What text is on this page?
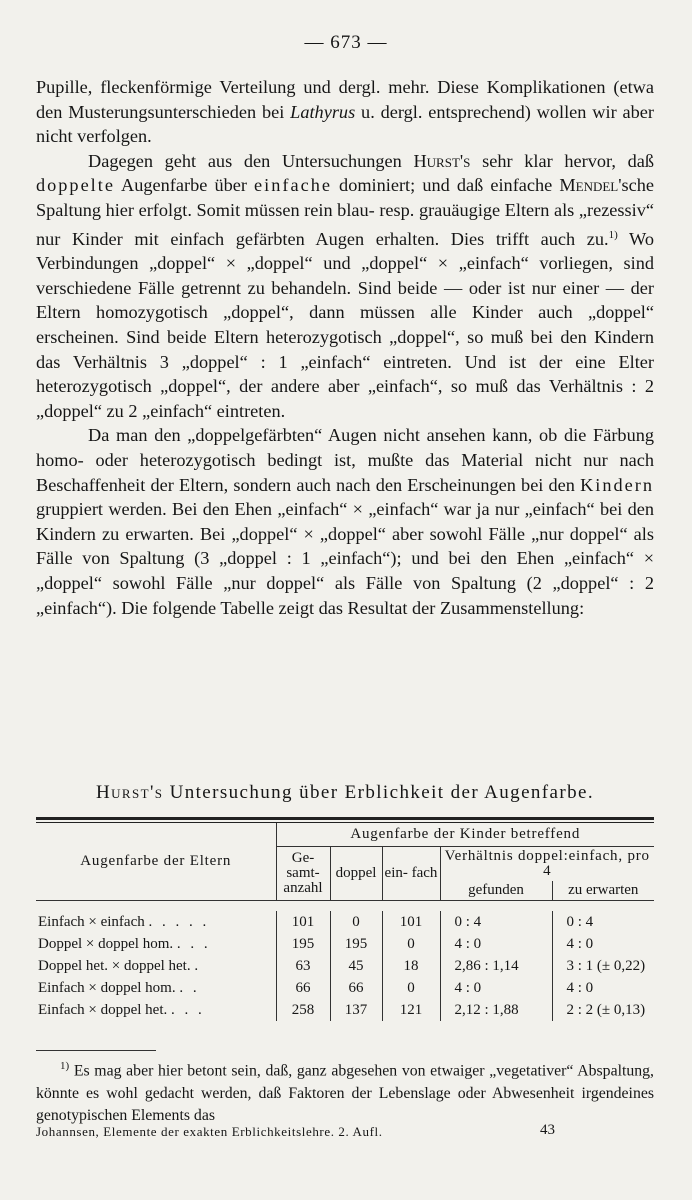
— 673 —

Pupille, fleckenförmige Verteilung und dergl. mehr. Diese Komplikationen (etwa den Musterungsunterschieden bei Lathyrus u. dergl. entsprechend) wollen wir aber nicht verfolgen.

Dagegen geht aus den Untersuchungen Hurst's sehr klar hervor, daß doppelte Augenfarbe über einfache dominiert; und daß einfache Mendel'sche Spaltung hier erfolgt. Somit müssen rein blau- resp. grauäugige Eltern als „rezessiv“ nur Kinder mit einfach gefärbten Augen erhalten. Dies trifft auch zu.$^{1)}$ Wo Verbindungen „doppel“ × „doppel“ und „doppel“ × „einfach“ vorliegen, sind verschiedene Fälle getrennt zu behandeln. Sind beide — oder ist nur einer — der Eltern homozygotisch „doppel“, dann müssen alle Kinder auch „doppel“ erscheinen. Sind beide Eltern heterozygotisch „doppel“, so muß bei den Kindern das Verhältnis 3 „doppel“ : 1 „einfach“ eintreten. Und ist der eine Elter heterozygotisch „doppel“, der andere aber „einfach“, so muß das Verhältnis : 2 „doppel“ zu 2 „einfach“ eintreten.

Da man den „doppelgefärbten“ Augen nicht ansehen kann, ob die Färbung homo- oder heterozygotisch bedingt ist, mußte das Material nicht nur nach Beschaffenheit der Eltern, sondern auch nach den Erscheinungen bei den Kindern gruppiert werden. Bei den Ehen „einfach“ × „einfach“ war ja nur „einfach“ bei den Kindern zu erwarten. Bei „doppel“ × „doppel“ aber sowohl Fälle „nur doppel“ als Fälle von Spaltung (3 „doppel : 1 „einfach“); und bei den Ehen „einfach“ × „doppel“ sowohl Fälle „nur doppel“ als Fälle von Spaltung (2 „doppel“ : 2 „einfach“). Die folgende Tabelle zeigt das Resultat der Zusammenstellung:

Hurst's Untersuchung über Erblichkeit der Augenfarbe.
Augenfarbe der Eltern	Augenfarbe der Kinder betreffend				
	Ge- samt- anzahl	doppel	ein- fach	Verhältnis doppel:einfach, pro 4	
				gefunden	zu erwarten

Einfach × einfach . . . . .	101	0	101	0 : 4	0 : 4
Doppel × doppel hom. . . .	195	195	0	4 : 0	4 : 0
Doppel het. × doppel het. .	63	45	18	2,86 : 1,14	3 : 1 (± 0,22)
Einfach × doppel hom. . .	66	66	0	4 : 0	4 : 0
Einfach × doppel het. . . .	258	137	121	2,12 : 1,88	2 : 2 (± 0,13)

$^{1)}$ Es mag aber hier betont sein, daß, ganz abgesehen von etwaiger „vegetativer“ Abspaltung, könnte es wohl gedacht werden, daß Faktoren der Lebenslage oder Abwesenheit irgendeines genotypischen Elements das

Johannsen, Elemente der exakten Erblichkeitslehre. 2. Aufl.	43
